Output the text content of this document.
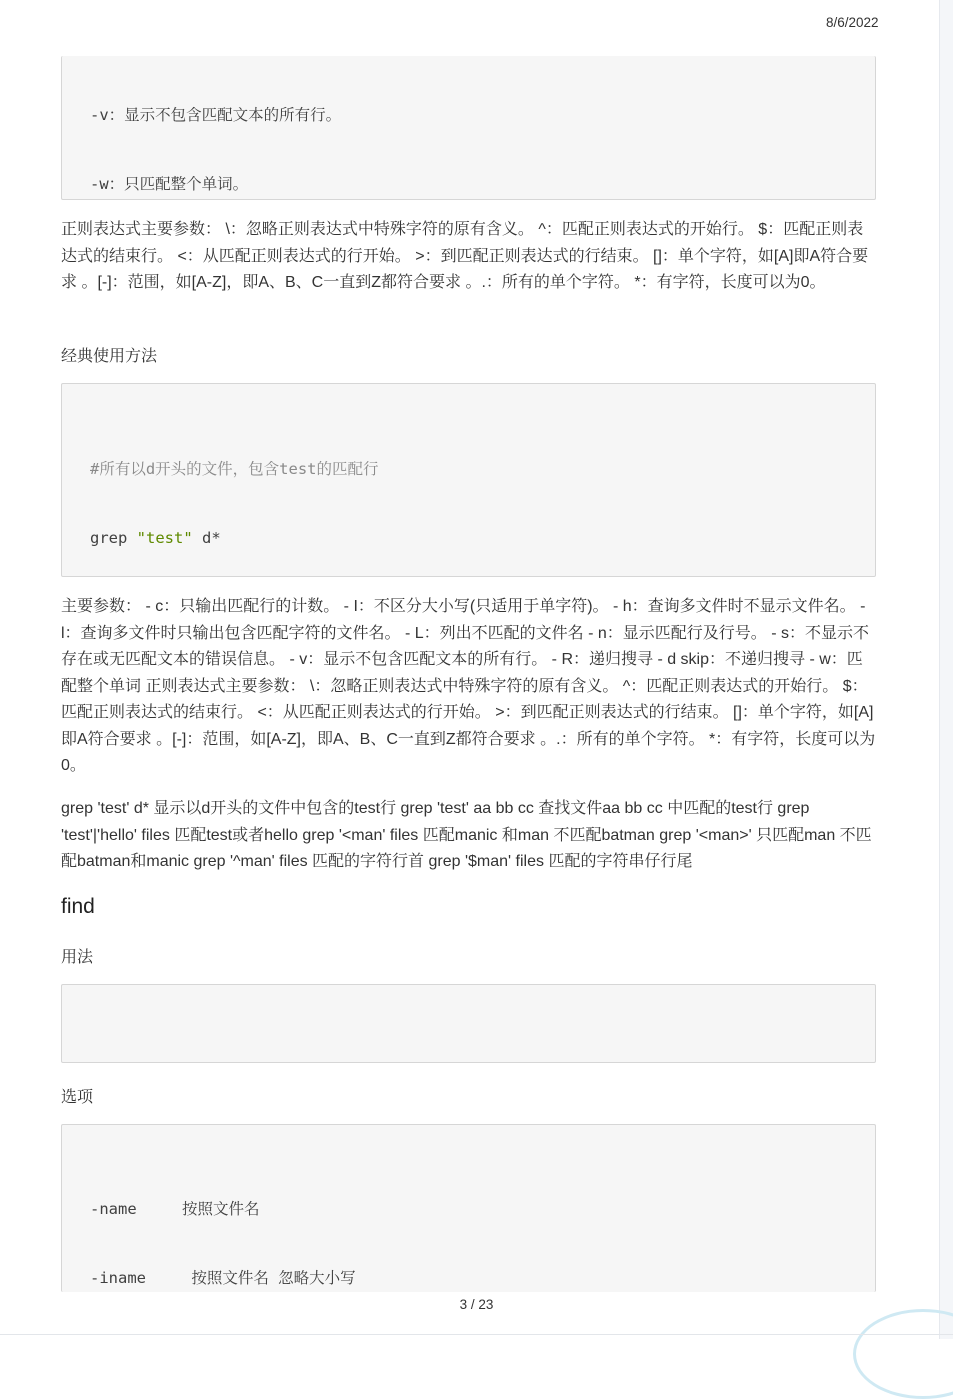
8/6/2022

-v：显示不包含匹配文本的所有行。

-w：只匹配整个单词。

正则表达式主要参数： \：忽略正则表达式中特殊字符的原有含义。 ^：匹配正则表达式的开始行。 $：匹配正则表达式的结束行。 <：从匹配正则表达式的行开始。 >：到匹配正则表达式的行结束。 []：单个字符，如[A]即A符合要求 。[-]：范围，如[A-Z]，即A、B、C一直到Z都符合要求 。.：所有的单个字符。 *：有字符，长度可以为0。
经典使用方法

#所有以d开头的文件，包含test的匹配行

grep "test" d*

主要参数： - c：只输出匹配行的计数。 - I：不区分大小写(只适用于单字符)。 - h：查询多文件时不显示文件名。 - l：查询多文件时只输出包含匹配字符的文件名。 - L：列出不匹配的文件名 - n：显示匹配行及行号。 - s：不显示不存在或无匹配文本的错误信息。 - v：显示不包含匹配文本的所有行。 - R：递归搜寻 - d skip：不递归搜寻 - w：匹配整个单词 正则表达式主要参数： \：忽略正则表达式中特殊字符的原有含义。 ^：匹配正则表达式的开始行。 $：匹配正则表达式的结束行。 <：从匹配正则表达式的行开始。 >：到匹配正则表达式的行结束。 []：单个字符，如[A]即A符合要求 。[-]：范围，如[A-Z]，即A、B、C一直到Z都符合要求 。.：所有的单个字符。 *：有字符，长度可以为0。
grep 'test' d* 显示以d开头的文件中包含的test行 grep 'test' aa bb cc 查找文件aa bb cc 中匹配的test行 grep 'test'|'hello' files 匹配test或者hello grep '<man' files 匹配manic 和man 不匹配batman grep '<man>' 只匹配man 不匹配batman和manic grep '^man' files 匹配的字符行首 grep '$man' files 匹配的字符串仔行尾
find
用法

选项

-name	按照文件名

-iname 按照文件名 忽略大小写

3 / 23
